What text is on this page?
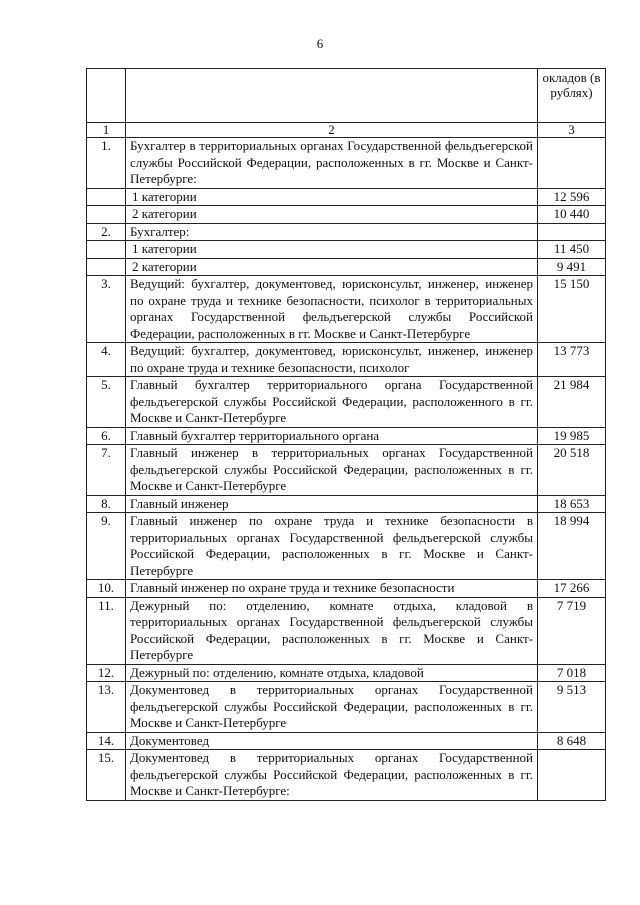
6
		окладов (в рублях)
1	2	3
1.	Бухгалтер в территориальных органах Государственной фельдъегерской службы Российской Федерации, расположенных в гг. Москве и Санкт-Петербурге:	
	1 категории	12 596
	2 категории	10 440
2.	Бухгалтер:	
	1 категории	11 450
	2 категории	9 491
3.	Ведущий: бухгалтер, документовед, юрисконсульт, инженер, инженер по охране труда и технике безопасности, психолог в территориальных органах Государственной фельдъегерской службы Российской Федерации, расположенных в гг. Москве и Санкт-Петербурге	15 150
4.	Ведущий: бухгалтер, документовед, юрисконсульт, инженер, инженер по охране труда и технике безопасности, психолог	13 773
5.	Главный бухгалтер территориального органа Государственной фельдъегерской службы Российской Федерации, расположенного в гг. Москве и Санкт-Петербурге	21 984
6.	Главный бухгалтер территориального органа	19 985
7.	Главный инженер в территориальных органах Государственной фельдъегерской службы Российской Федерации, расположенных в гг. Москве и Санкт-Петербурге	20 518
8.	Главный инженер	18 653
9.	Главный инженер по охране труда и технике безопасности в территориальных органах Государственной фельдъегерской службы Российской Федерации, расположенных в гг. Москве и Санкт-Петербурге	18 994
10.	Главный инженер по охране труда и технике безопасности	17 266
11.	Дежурный по: отделению, комнате отдыха, кладовой в территориальных органах Государственной фельдъегерской службы Российской Федерации, расположенных в гг. Москве и Санкт-Петербурге	7 719
12.	Дежурный по: отделению, комнате отдыха, кладовой	7 018
13.	Документовед в территориальных органах Государственной фельдъегерской службы Российской Федерации, расположенных в гг. Москве и Санкт-Петербурге	9 513
14.	Документовед	8 648
15.	Документовед в территориальных органах Государственной фельдъегерской службы Российской Федерации, расположенных в гг. Москве и Санкт-Петербурге:	
